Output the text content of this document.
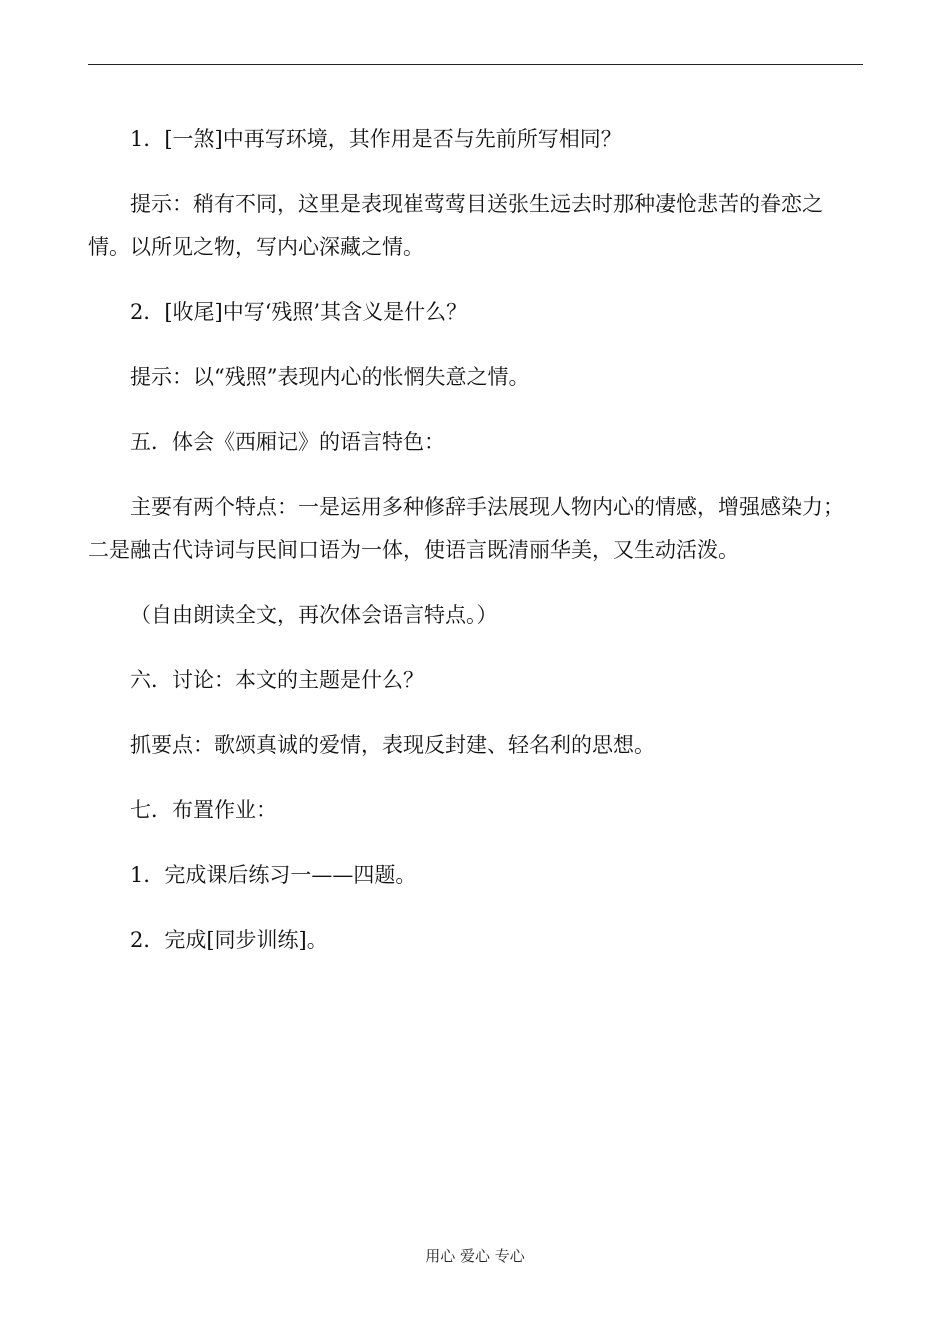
1．[一煞]中再写环境，其作用是否与先前所写相同？

提示：稍有不同，这里是表现崔莺莺目送张生远去时那种凄怆悲苦的眷恋之情。以所见之物，写内心深藏之情。

2．[收尾]中写‘残照’其含义是什么？

提示：以“残照”表现内心的怅惘失意之情。

五．体会《西厢记》的语言特色：

主要有两个特点：一是运用多种修辞手法展现人物内心的情感，增强感染力；二是融古代诗词与民间口语为一体，使语言既清丽华美，又生动活泼。

（自由朗读全文，再次体会语言特点。）

六．讨论：本文的主题是什么？

抓要点：歌颂真诚的爱情，表现反封建、轻名利的思想。

七．布置作业：

1．完成课后练习一——四题。

2．完成[同步训练]。

用心 爱心 专心
